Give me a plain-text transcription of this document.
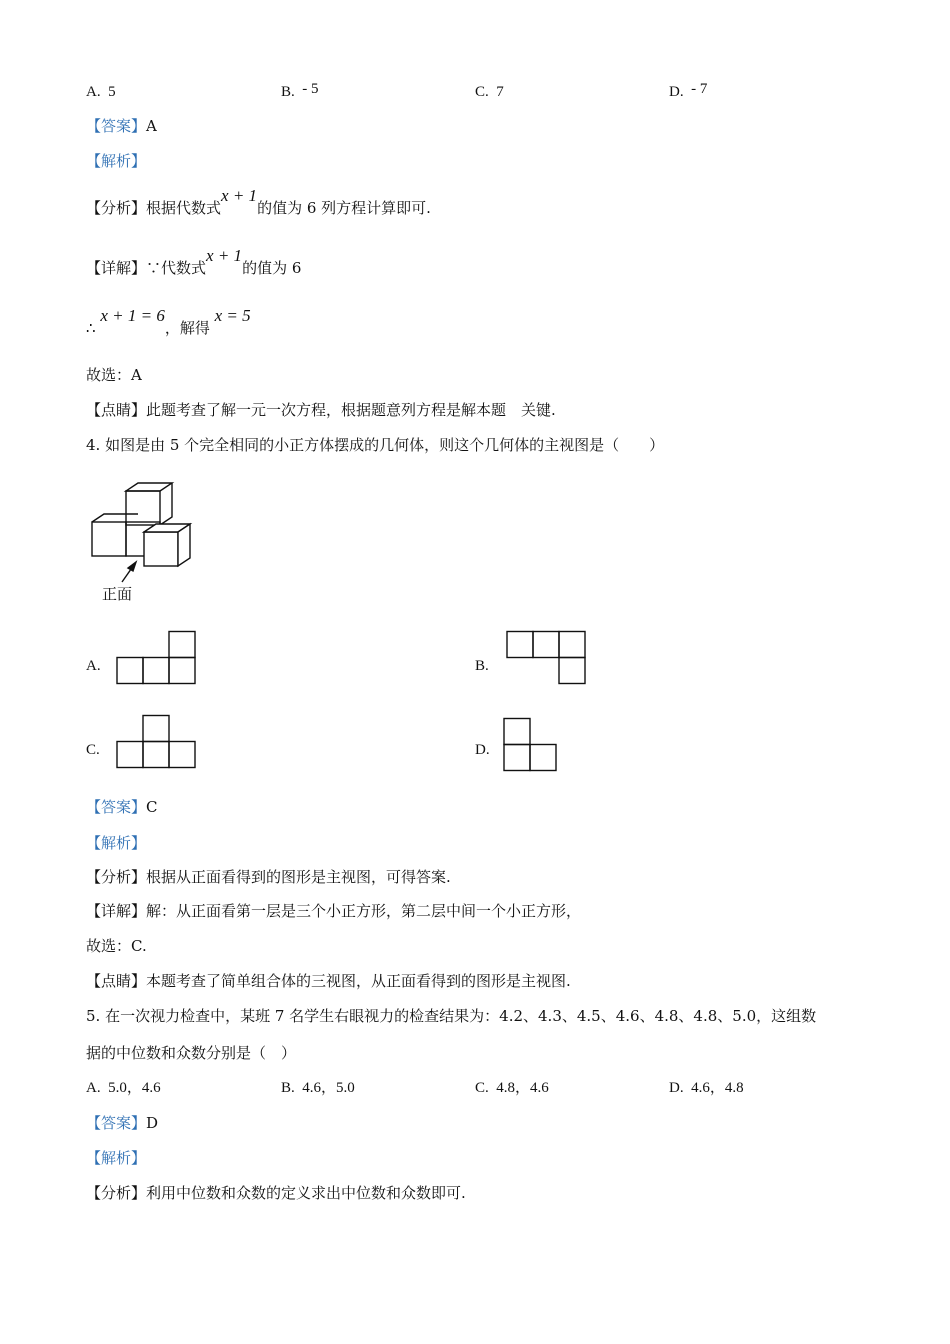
A. 5	B. - 5	C. 7	D. - 7
【答案】A
【解析】
【分析】根据代数式x + 1的值为 6 列方程计算即可.
【详解】∵代数式x + 1的值为 6
∴ x + 1 = 6，解得 x = 5
故选：A
【点睛】此题考查了解一元一次方程，根据题意列方程是解本题　关键.
4. 如图是由 5 个完全相同的小正方体摆成的几何体，则这个几何体的主视图是（　　）
正面
A.	B.
C.	D.
【答案】C
【解析】
【分析】根据从正面看得到的图形是主视图，可得答案.
【详解】解：从正面看第一层是三个小正方形，第二层中间一个小正方形，
故选：C.
【点睛】本题考查了简单组合体的三视图，从正面看得到的图形是主视图.
5. 在一次视力检查中，某班 7 名学生右眼视力的检查结果为：4.2、4.3、4.5、4.6、4.8、4.8、5.0，这组数
据的中位数和众数分别是（　）
A. 5.0，4.6	B. 4.6，5.0	C. 4.8，4.6	D. 4.6，4.8
【答案】D
【解析】
【分析】利用中位数和众数的定义求出中位数和众数即可.
